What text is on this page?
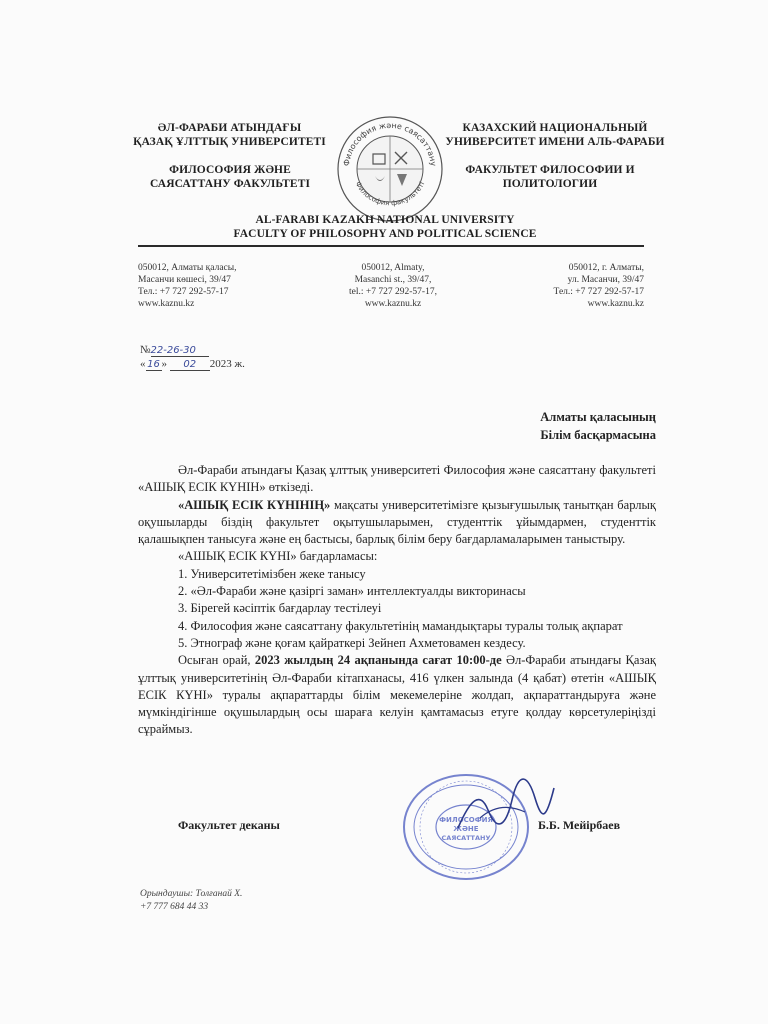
ӘЛ-ФАРАБИ АТЫНДАҒЫ
ҚАЗАҚ ҰЛТТЫҚ УНИВЕРСИТЕТІ
ФИЛОСОФИЯ ЖӘНЕ
САЯСАТТАНУ ФАКУЛЬТЕТІ
Философия және саясаттану
Философия факультеті
КАЗАХСКИЙ НАЦИОНАЛЬНЫЙ
УНИВЕРСИТЕТ ИМЕНИ АЛЬ-ФАРАБИ
ФАКУЛЬТЕТ ФИЛОСОФИИ И
ПОЛИТОЛОГИИ
AL-FARABI KAZAKH NATIONAL UNIVERSITY
FACULTY OF PHILOSOPHY AND POLITICAL SCIENCE
050012, Алматы қаласы,
Масанчи көшесі, 39/47
Тел.: +7 727 292-57-17
www.kaznu.kz
050012, Almaty,
Masanchi st., 39/47,
tel.: +7 727 292-57-17,
www.kaznu.kz
050012, г. Алматы,
ул. Масанчи, 39/47
Тел.: +7 727 292-57-17
www.kaznu.kz
№22-26-30
« 16 » 02 2023 ж.
Алматы қаласының
Білім басқармасына

Әл-Фараби атындағы Қазақ ұлттық университеті Философия және саясаттану факультеті «АШЫҚ ЕСІК КҮНІН» өткізеді.

«АШЫҚ ЕСІК КҮНІНІҢ» мақсаты университетімізге қызығушылық танытқан барлық оқушыларды біздің факультет оқытушыларымен, студенттік ұйымдармен, студенттік қалашықпен танысуға және ең бастысы, барлық білім беру бағдарламаларымен таныстыру.

«АШЫҚ ЕСІК КҮНІ» бағдарламасы:

1. Университетімізбен жеке танысу

2. «Әл-Фараби және қазіргі заман» интеллектуалды викторинасы

3. Бірегей кәсіптік бағдарлау тестілеуі

4. Философия және саясаттану факультетінің мамандықтары туралы толық ақпарат

5. Этнограф және қоғам қайраткері Зейнеп Ахметовамен кездесу.

Осыған орай, 2023 жылдың 24 ақпанында сағат 10:00-де Әл-Фараби атындағы Қазақ ұлттық университетінің Әл-Фараби кітапханасы, 416 үлкен залында (4 қабат) өтетін «АШЫҚ ЕСІК КҮНІ» туралы ақпараттарды білім мекемелеріне жолдап, ақпараттандыруға және мүмкіндігінше оқушылардың осы шараға келуін қамтамасыз етуге қолдау көрсетулеріңізді сұраймыз.

ФИЛОСОФИЯ
ЖӘНЕ
САЯСАТТАНУ
Факультет деканы	Б.Б. Мейірбаев
Орындаушы: Толғанай Х.
+7 777 684 44 33
